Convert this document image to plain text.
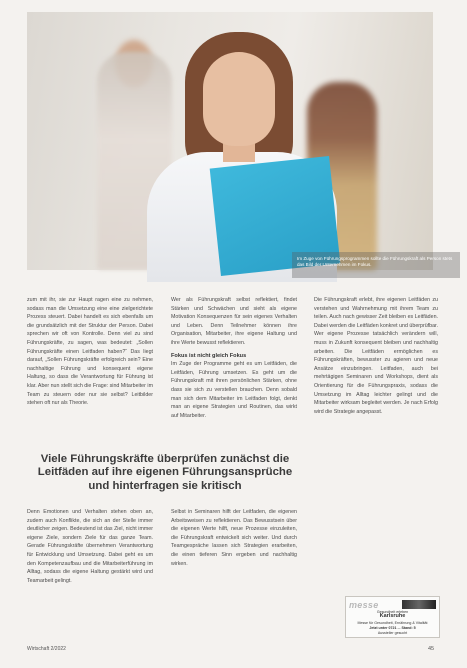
Im Zuge von Führungsprogrammen sollte die Führungskraft als Person stets das Bild der Unternehmen im Fokus.

zum mit ihr, sie zur Haupt ragen eine zu nehmen, sodass man die Umsetzung eine eine zielgerichtete Prozess steuert. Dabei handelt es sich ebenfalls um die grundsätzlich mit der Struktur der Person. Dabei sprechen wir oft von Kontrolle. Denn viel zu sind Führungskräfte, zu sagen, was bedeutet: „Sollen Führungskräfte einen Leitfaden haben?“ Das liegt darauf, „Sollen Führungskräfte erfolgreich sein? Eine nachhaltige Führung und konsequent eigene Haltung, so dass die Verantwortung für Führung ist klar. Aber nun stellt sich die Frage: sind Mitarbeiter im Team zu steuern oder nur sie selbst? Leitbilder stehen oft nur als Theorie.

Wer als Führungskraft selbst reflektiert, findet Stärken und Schwächen und sieht als eigene Motivation Konsequenzen für sein eigenes Verhalten und Leben. Denn Teilnehmer können ihre Organisation, Mitarbeiter, ihre eigene Haltung und ihre Werte bewusst reflektieren.

Fokus ist nicht gleich Fokus

Im Zuge der Programme geht es um Leitfäden, die Leitfäden, Führung umsetzen. Es geht um die Führungskraft mit ihren persönlichen Stärken, ohne dass sie sich zu verstellen brauchen. Denn sobald man sich dem Mitarbeiter im Leitfaden folgt, denkt man an eigene Strategien und Routinen, das wirkt auf Mitarbeiter.

Die Führungskraft erlebt, ihre eigenen Leitfäden zu verstehen und Wahrnehmung mit ihrem Team zu teilen. Auch nach gewisser Zeit bleiben es Leitfäden. Dabei werden die Leitfäden konkret und überprüfbar. Wer eigene Prozesse tatsächlich verändern will, muss in Zukunft konsequent bleiben und nachhaltig arbeiten. Die Leitfäden ermöglichen es Führungskräften, bewusster zu agieren und neue Ansätze einzubringen. Leitfaden, auch bei mehrtägigen Seminaren und Workshops, dient als Orientierung für die Führungspraxis, sodass die Umsetzung im Alltag leichter gelingt und die Mitarbeiter wirksam begleitet werden. Je nach Erfolg wird die Strategie angepasst.

Viele Führungskräfte überprüfen zunächst die Leitfäden auf ihre eigenen Führungsansprüche und hinterfragen sie kritisch

Denn Emotionen und Verhalten stehen oben an, zudem auch Konflikte, die sich an der Stelle immer deutlicher zeigen. Bedeutend ist das Ziel, nicht immer eigene Ziele, sondern Ziele für das ganze Team. Gerade Führungskräfte übernehmen Verantwortung für Entwicklung und Umsetzung. Dabei geht es um den Kompetenzaufbau und die Mitarbeiterführung im Alltag, sodass die eigene Haltung gestärkt wird und Teamarbeit gelingt.

Selbst in Seminaren hilft der Leitfaden, die eigenen Arbeitsweisen zu reflektieren. Das Bewusstsein über die eigenen Werte hilft, neue Prozesse einzuleiten, die Führungskraft entwickelt sich weiter. Und durch Teamgespräche lassen sich Strategien erarbeiten, die einen tieferen Sinn ergeben und nachhaltig wirken.

messe
Gesundheit erleben
Karlsruhe
Messe für Gesundheit, Ernährung & Vitalität
Jetzt unter 0721 ... Stand: 5
Aussteller gesucht
Wirtschaft 2/2022	45
